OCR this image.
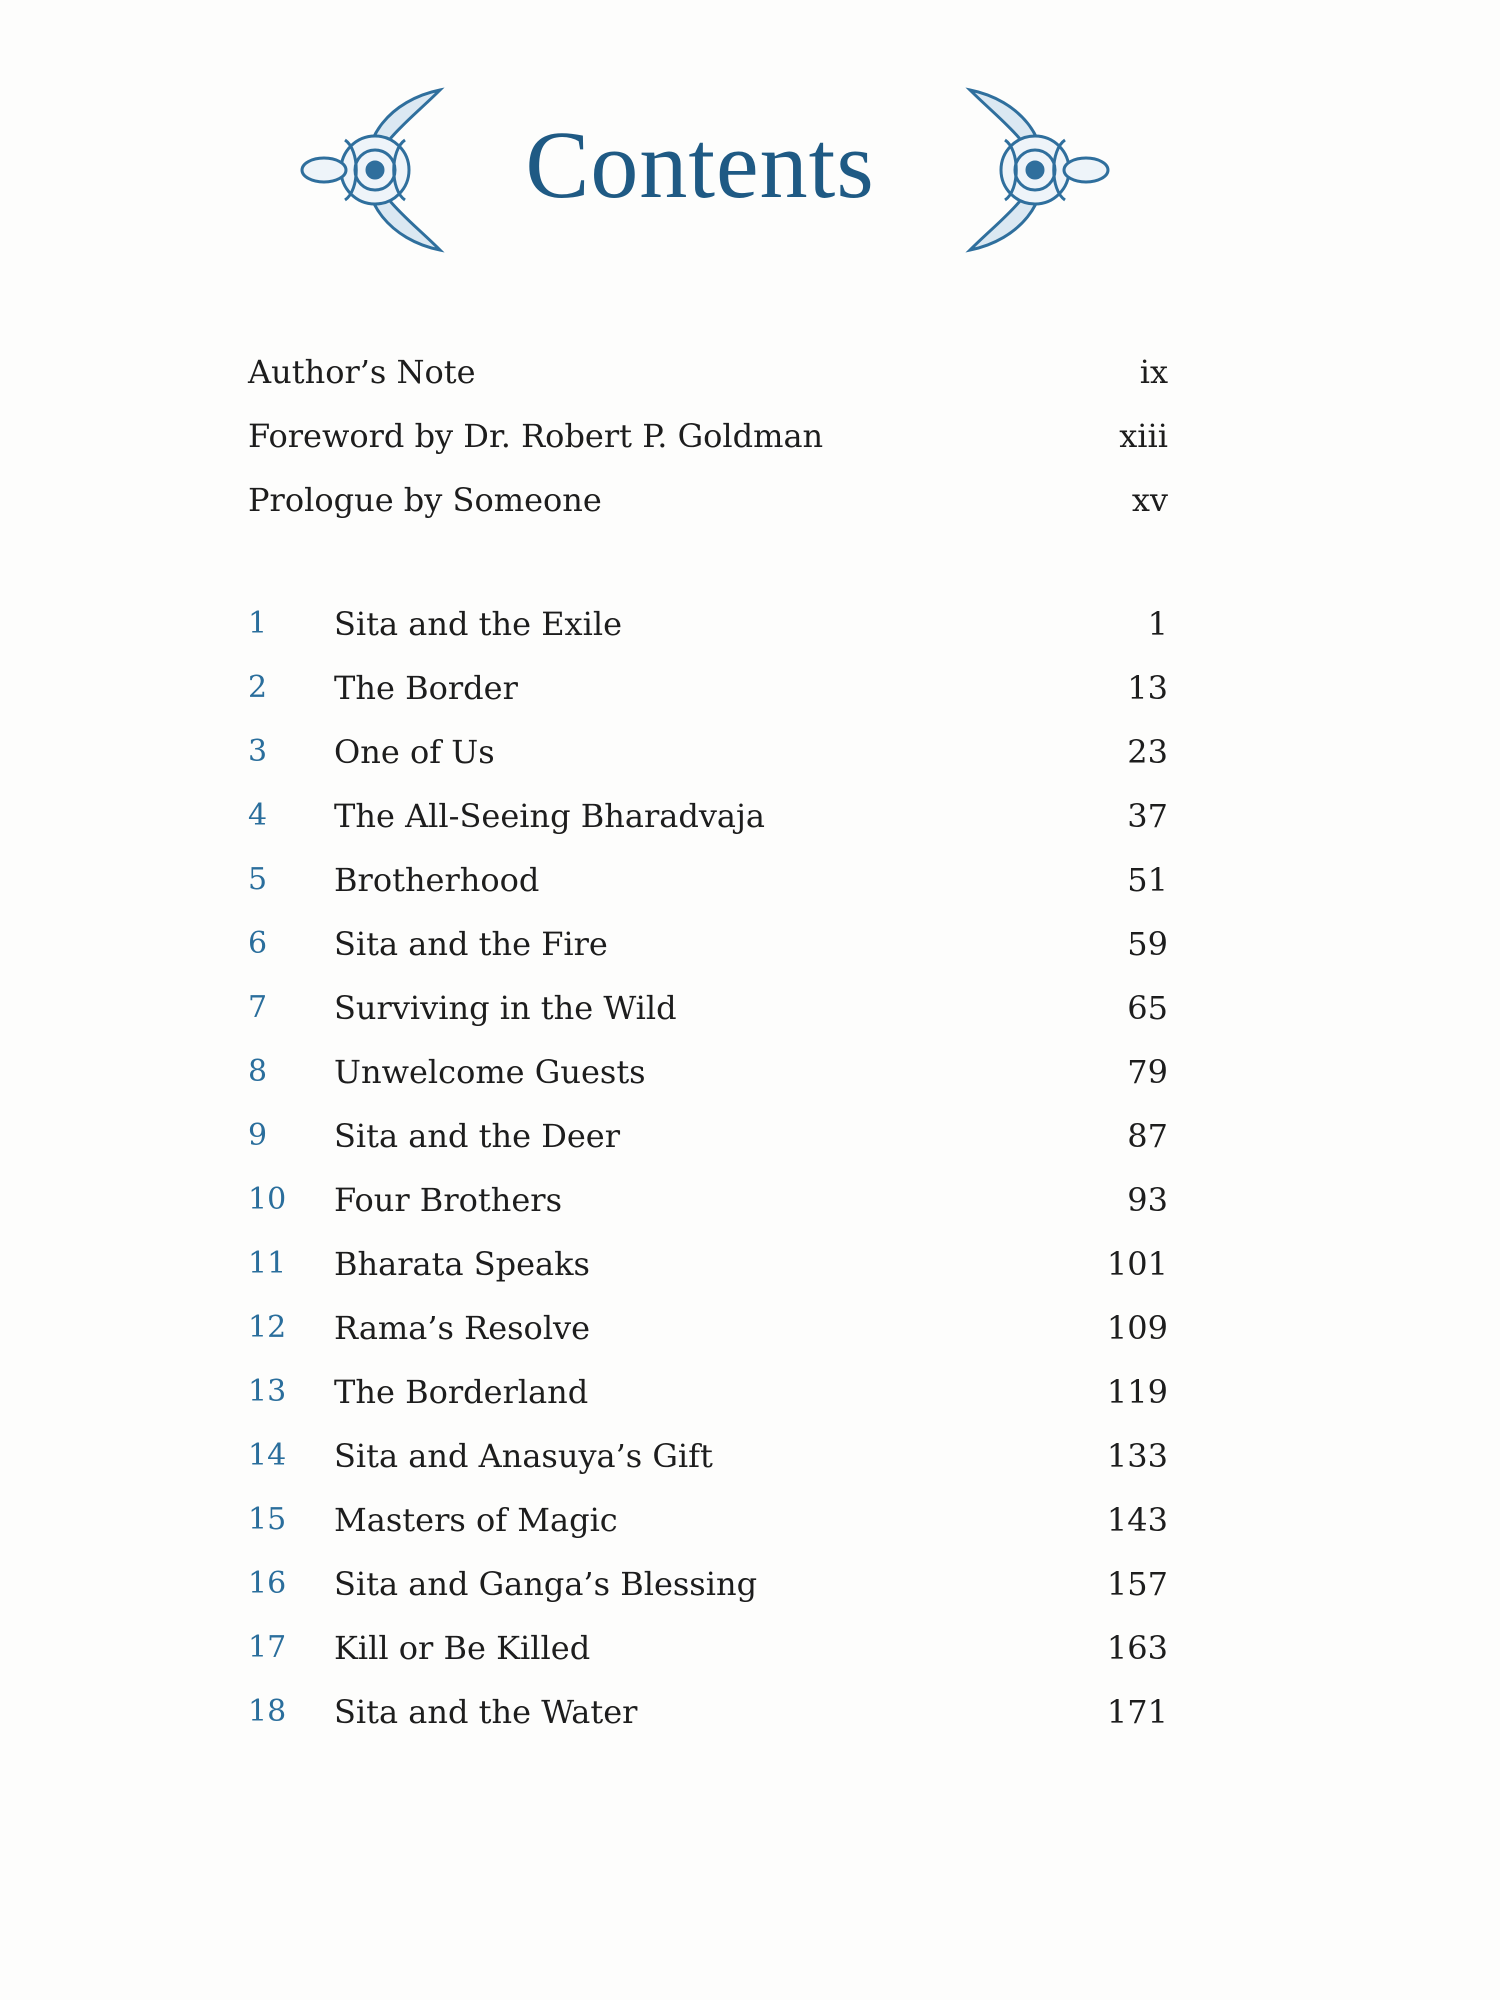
Contents
Author’s Note	ix
Foreword by Dr. Robert P. Goldman	xiii
Prologue by Someone	xv
1 Sita and the Exile	1
2 The Border	13
3 One of Us	23
4 The All-Seeing Bharadvaja	37
5 Brotherhood	51
6 Sita and the Fire	59
7 Surviving in the Wild	65
8 Unwelcome Guests	79
9 Sita and the Deer	87
10 Four Brothers	93
11 Bharata Speaks	101
12 Rama’s Resolve	109
13 The Borderland	119
14 Sita and Anasuya’s Gift	133
15 Masters of Magic	143
16 Sita and Ganga’s Blessing	157
17 Kill or Be Killed	163
18 Sita and the Water	171
